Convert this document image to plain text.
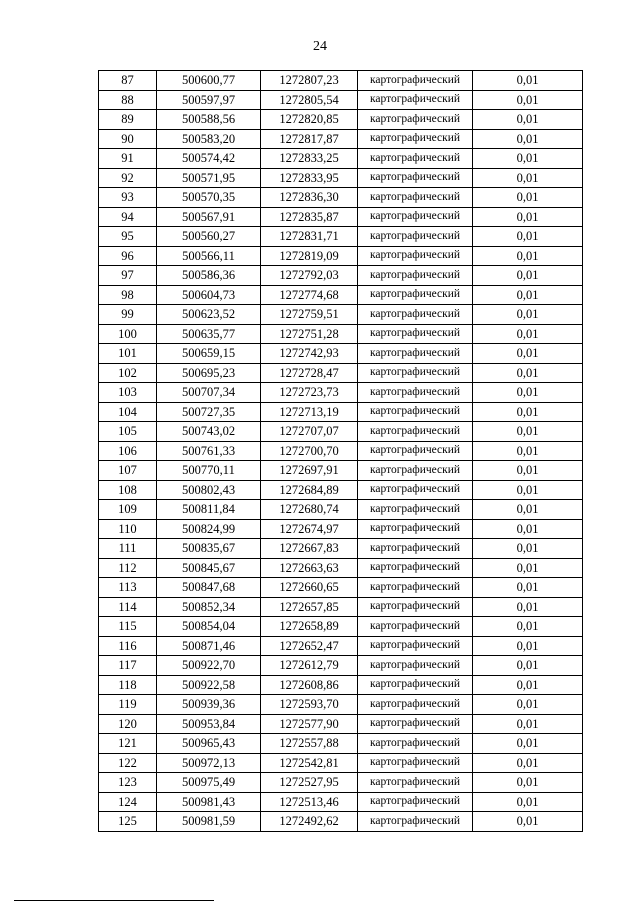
24
87	500600,77	1272807,23	картографический	0,01
88	500597,97	1272805,54	картографический	0,01
89	500588,56	1272820,85	картографический	0,01
90	500583,20	1272817,87	картографический	0,01
91	500574,42	1272833,25	картографический	0,01
92	500571,95	1272833,95	картографический	0,01
93	500570,35	1272836,30	картографический	0,01
94	500567,91	1272835,87	картографический	0,01
95	500560,27	1272831,71	картографический	0,01
96	500566,11	1272819,09	картографический	0,01
97	500586,36	1272792,03	картографический	0,01
98	500604,73	1272774,68	картографический	0,01
99	500623,52	1272759,51	картографический	0,01
100	500635,77	1272751,28	картографический	0,01
101	500659,15	1272742,93	картографический	0,01
102	500695,23	1272728,47	картографический	0,01
103	500707,34	1272723,73	картографический	0,01
104	500727,35	1272713,19	картографический	0,01
105	500743,02	1272707,07	картографический	0,01
106	500761,33	1272700,70	картографический	0,01
107	500770,11	1272697,91	картографический	0,01
108	500802,43	1272684,89	картографический	0,01
109	500811,84	1272680,74	картографический	0,01
110	500824,99	1272674,97	картографический	0,01
111	500835,67	1272667,83	картографический	0,01
112	500845,67	1272663,63	картографический	0,01
113	500847,68	1272660,65	картографический	0,01
114	500852,34	1272657,85	картографический	0,01
115	500854,04	1272658,89	картографический	0,01
116	500871,46	1272652,47	картографический	0,01
117	500922,70	1272612,79	картографический	0,01
118	500922,58	1272608,86	картографический	0,01
119	500939,36	1272593,70	картографический	0,01
120	500953,84	1272577,90	картографический	0,01
121	500965,43	1272557,88	картографический	0,01
122	500972,13	1272542,81	картографический	0,01
123	500975,49	1272527,95	картографический	0,01
124	500981,43	1272513,46	картографический	0,01
125	500981,59	1272492,62	картографический	0,01
